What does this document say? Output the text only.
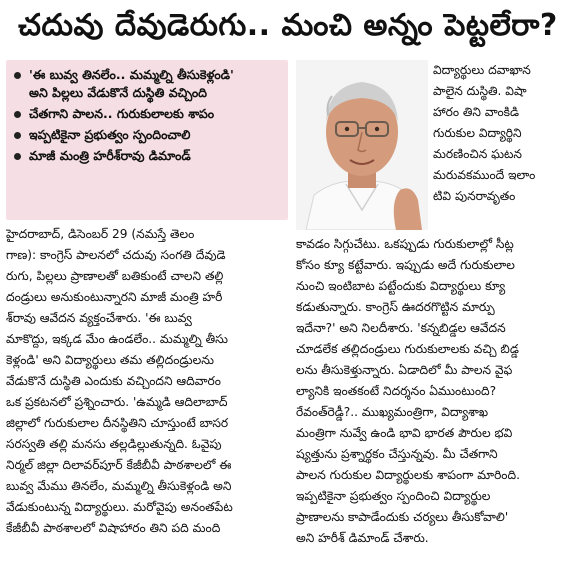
చదువు దేవుడెరుగు.. మంచి అన్నం పెట్టలేరా?
'ఈ బువ్వ తినలేం.. మమ్మల్ని తీసుకెళ్లండి'
అని పిల్లలు వేడుకొనే దుస్థితి వచ్చింది
చేతగాని పాలన.. గురుకులాలకు శాపం
ఇప్పటికైనా ప్రభుత్వం స్పందించాలి
మాజీ మంత్రి హరీశ్‌రావు డిమాండ్
హైదరాబాద్, డిసెంబర్ 29 (నమస్తే తెలం
గాణ): కాంగ్రెస్ పాలనలో చదువు సంగతి దేవుడె
రుగు, పిల్లలు ప్రాణాలతో బతికుంటే చాలని తల్లి
దండ్రులు అనుకుంటున్నారని మాజీ మంత్రి హరీ
శ్‌రావు ఆవేదన వ్యక్తంచేశారు. 'ఈ బువ్వ
మాకొద్దు, ఇక్కడ మేం ఉండలేం.. మమ్మల్ని తీసు
కెళ్లండి' అని విద్యార్థులు తమ తల్లిదండ్రులను
వేడుకొనే దుస్థితి ఎందుకు వచ్చిందని ఆదివారం
ఒక ప్రకటనలో ప్రశ్నించారు. 'ఉమ్మడి ఆదిలాబాద్
జిల్లాలో గురుకులాల దీనస్థితిని చూస్తుంటే బాసర
సరస్వతి తల్లి మనసు తల్లడిల్లుతున్నది. ఓవైపు
నిర్మల్ జిల్లా దిలావర్‌పూర్ కేజీబీవీ పాఠశాలలో ఈ
బువ్వ మేము తినలేం, మమ్మల్ని తీసుకెళ్లండి అని
వేడుకుంటున్న విద్యార్థులు. మరోవైపు అనంతపేట
కేజీబీవీ పాఠశాలలో విషాహారం తిని పది మంది
విద్యార్థులు దవాఖాన
పాలైన దుస్థితి. విషా
హారం తిని వాంకిడి
గురుకుల విద్యార్థిని
మరణించిన ఘటన
మరువకముందే ఇలాం
టివి పునరావృతం
కావడం సిగ్గుచేటు. ఒకప్పుడు గురుకులాల్లో సీట్ల
కోసం క్యూ కట్టేవారు. ఇప్పుడు అదే గురుకులాల
నుంచి ఇంటిబాట పట్టేందుకు విద్యార్థులు క్యూ
కడుతున్నారు. కాంగ్రెస్ ఊదరగొట్టిన మార్పు
ఇదేనా?' అని నిలదీశారు. 'కన్నబిడ్డల ఆవేదన
చూడలేక తల్లిదండ్రులు గురుకులాలకు వచ్చి బిడ్డ
లను తీసుకెళ్తున్నారు. ఏడాదిలో మీ పాలన వైఫ
ల్యానికి ఇంతకంటే నిదర్శనం ఏముంటుంది?
రేవంత్‌రెడ్డీ?.. ముఖ్యమంత్రిగా, విద్యాశాఖ
మంత్రిగా నువ్వే ఉండి భావి భారత పౌరుల భవి
ష్యత్తును ప్రశ్నార్థకం చేస్తున్నవు. మీ చేతగాని
పాలన గురుకుల విద్యార్థులకు శాపంగా మారింది.
ఇప్పటికైనా ప్రభుత్వం స్పందించి విద్యార్థుల
ప్రాణాలను కాపాడేందుకు చర్యలు తీసుకోవాలి'
అని హరీశ్ డిమాండ్ చేశారు.
